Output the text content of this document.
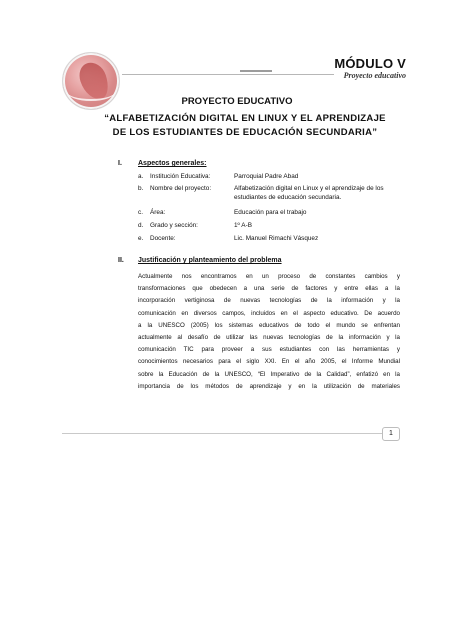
MÓDULO V
Proyecto educativo
PROYECTO EDUCATIVO
“ALFABETIZACIÓN DIGITAL EN LINUX Y EL APRENDIZAJE DE LOS ESTUDIANTES DE EDUCACIÓN SECUNDARIA”
I. Aspectos generales:
a. Institución Educativa:	Parroquial Padre Abad
b. Nombre del proyecto:	Alfabetización digital en Linux y el aprendizaje de los estudiantes de educación secundaria.
c. Área:	Educación para el trabajo
d. Grado y sección:	1º A-B
e. Docente:	Lic. Manuel Rimachi Vásquez
II. Justificación y planteamiento del problema
Actualmente nos encontramos en un proceso de constantes cambios y
transformaciones que obedecen a una serie de factores y entre ellas a la
incorporación vertiginosa de nuevas tecnologías de la información y la
comunicación en diversos campos, incluidos en el aspecto educativo. De acuerdo
a la UNESCO (2005) los sistemas educativos de todo el mundo se enfrentan
actualmente al desafío de utilizar las nuevas tecnologías de la información y la
comunicación TIC para proveer a sus estudiantes con las herramientas y
conocimientos necesarios para el siglo XXI. En el año 2005, el Informe Mundial
sobre la Educación de la UNESCO, “El Imperativo de la Calidad”, enfatizó en la
importancia de los métodos de aprendizaje y en la utilización de materiales
1
